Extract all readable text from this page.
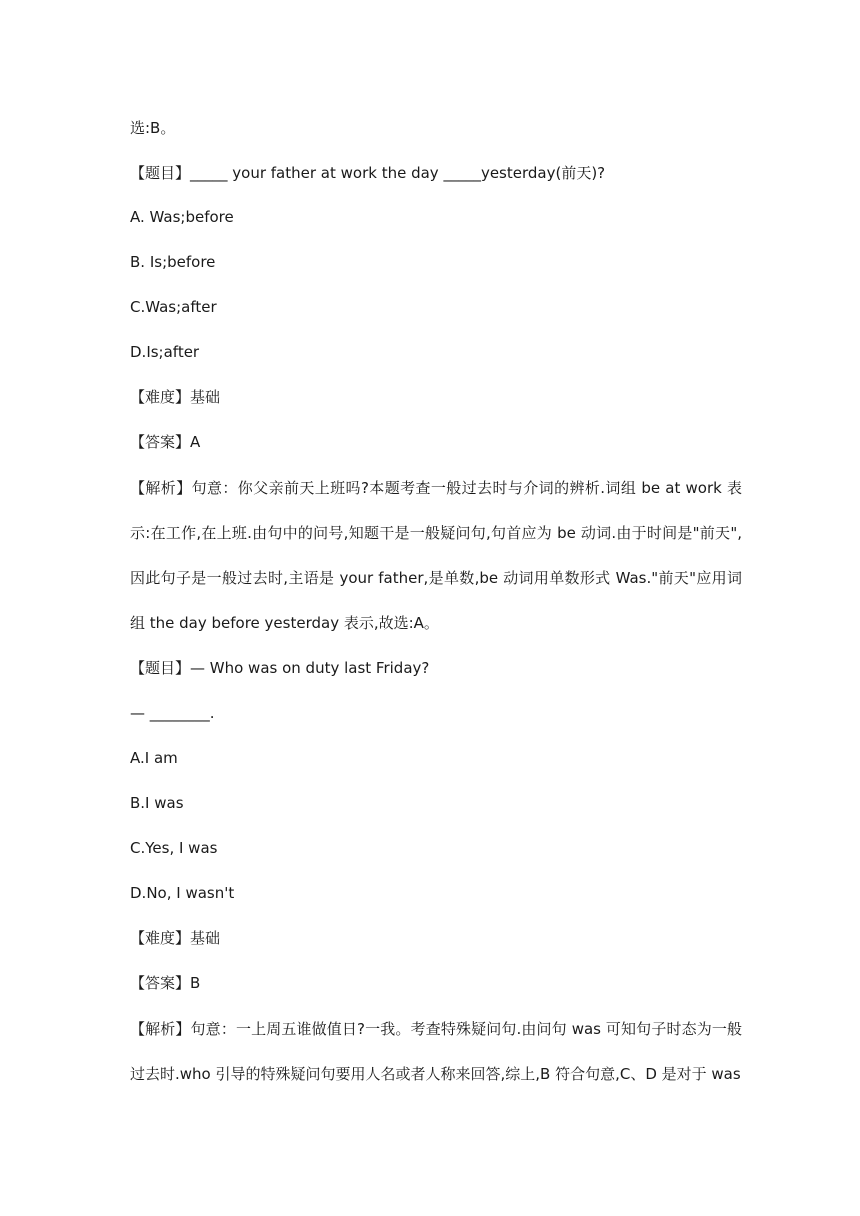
选:B。
【题目】_____ your father at work the day _____yesterday(前天)?
A. Was;before
B. Is;before
C.Was;after
D.Is;after
【难度】基础
【答案】A
【解析】句意：你父亲前天上班吗?本题考查一般过去时与介词的辨析.词组 be at work 表示:在工作,在上班.由句中的问号,知题干是一般疑问句,句首应为 be 动词.由于时间是"前天",因此句子是一般过去时,主语是 your father,是单数,be 动词用单数形式 Was."前天"应用词组 the day before yesterday 表示,故选:A。
【题目】— Who was on duty last Friday?
— ________.
A.I am
B.I was
C.Yes, I was
D.No, I wasn't
【难度】基础
【答案】B
【解析】句意：一上周五谁做值日?一我。考查特殊疑问句.由问句 was 可知句子时态为一般过去时.who 引导的特殊疑问句要用人名或者人称来回答,综上,B 符合句意,C、D 是对于 was
